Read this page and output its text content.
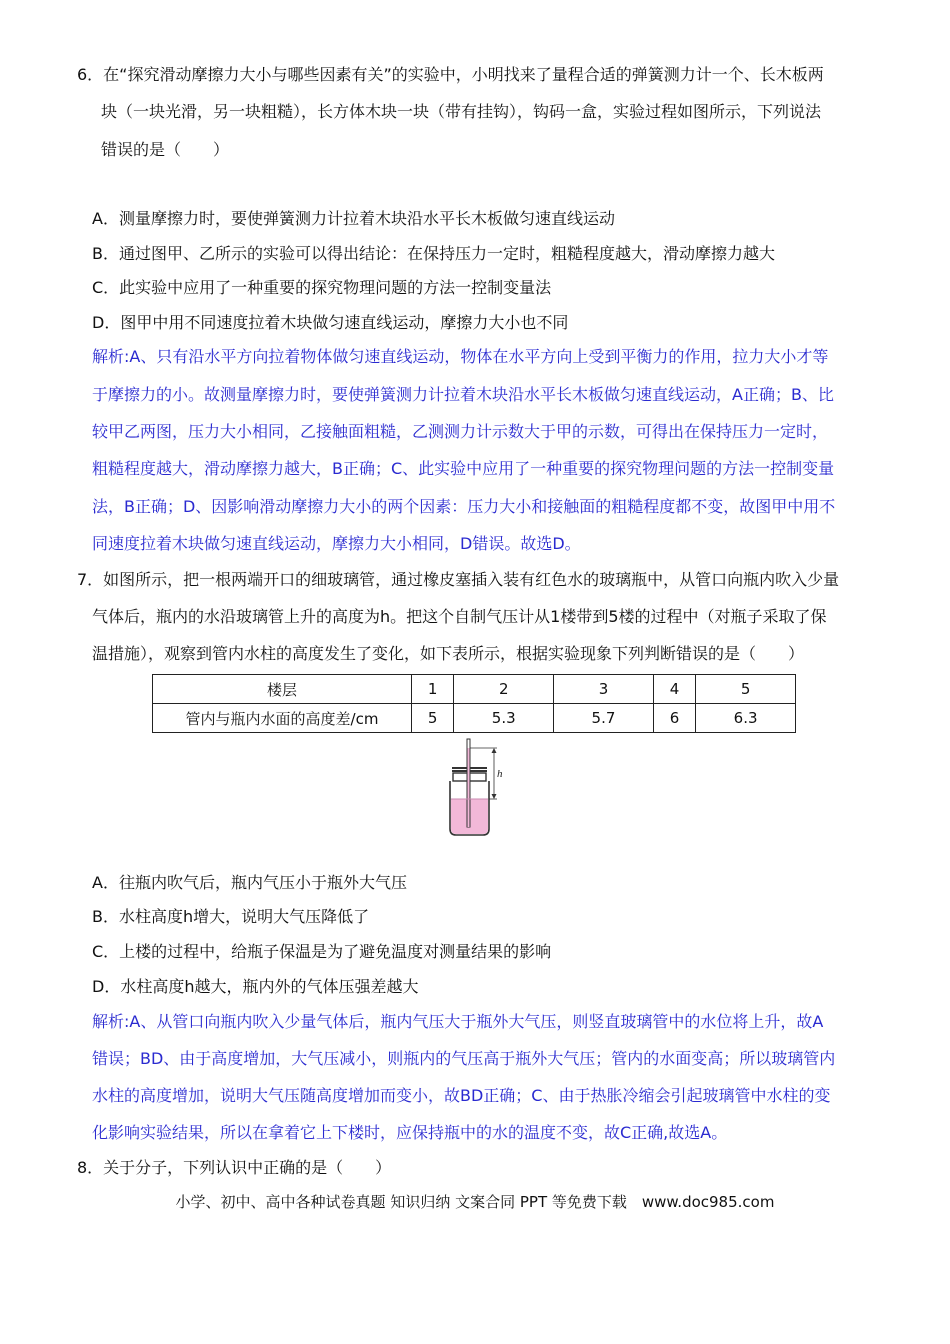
6．在“探究滑动摩擦力大小与哪些因素有关”的实验中，小明找来了量程合适的弹簧测力计一个、长木板两
块（一块光滑，另一块粗糙），长方体木块一块（带有挂钩），钩码一盒，实验过程如图所示，下列说法
错误的是（　　）
A．测量摩擦力时，要使弹簧测力计拉着木块沿水平长木板做匀速直线运动
B．通过图甲、乙所示的实验可以得出结论：在保持压力一定时，粗糙程度越大，滑动摩擦力越大
C．此实验中应用了一种重要的探究物理问题的方法一控制变量法
D．图甲中用不同速度拉着木块做匀速直线运动，摩擦力大小也不同
解析:A、只有沿水平方向拉着物体做匀速直线运动，物体在水平方向上受到平衡力的作用，拉力大小才等
于摩擦力的小。故测量摩擦力时，要使弹簧测力计拉着木块沿水平长木板做匀速直线运动，A正确；B、比
较甲乙两图，压力大小相同，乙接触面粗糙，乙测测力计示数大于甲的示数，可得出在保持压力一定时，
粗糙程度越大，滑动摩擦力越大，B正确；C、此实验中应用了一种重要的探究物理问题的方法一控制变量
法，B正确；D、因影响滑动摩擦力大小的两个因素：压力大小和接触面的粗糙程度都不变，故图甲中用不
同速度拉着木块做匀速直线运动，摩擦力大小相同，D错误。故选D。
7．如图所示，把一根两端开口的细玻璃管，通过橡皮塞插入装有红色水的玻璃瓶中，从管口向瓶内吹入少量
气体后，瓶内的水沿玻璃管上升的高度为h。把这个自制气压计从1楼带到5楼的过程中（对瓶子采取了保
温措施），观察到管内水柱的高度发生了变化，如下表所示，根据实验现象下列判断错误的是（　　）
楼层	1	2	3	4	5
管内与瓶内水面的高度差/cm	5	5.3	5.7	6	6.3
h
A．往瓶内吹气后，瓶内气压小于瓶外大气压
B．水柱高度h增大，说明大气压降低了
C．上楼的过程中，给瓶子保温是为了避免温度对测量结果的影响
D．水柱高度h越大，瓶内外的气体压强差越大
解析:A、从管口向瓶内吹入少量气体后，瓶内气压大于瓶外大气压，则竖直玻璃管中的水位将上升，故A
错误；BD、由于高度增加，大气压减小，则瓶内的气压高于瓶外大气压；管内的水面变高；所以玻璃管内
水柱的高度增加，说明大气压随高度增加而变小，故BD正确；C、由于热胀冷缩会引起玻璃管中水柱的变
化影响实验结果，所以在拿着它上下楼时，应保持瓶中的水的温度不变，故C正确,故选A。
8．关于分子，下列认识中正确的是（　　）
小学、初中、高中各种试卷真题 知识归纳 文案合同 PPT 等免费下载　www.doc985.com
